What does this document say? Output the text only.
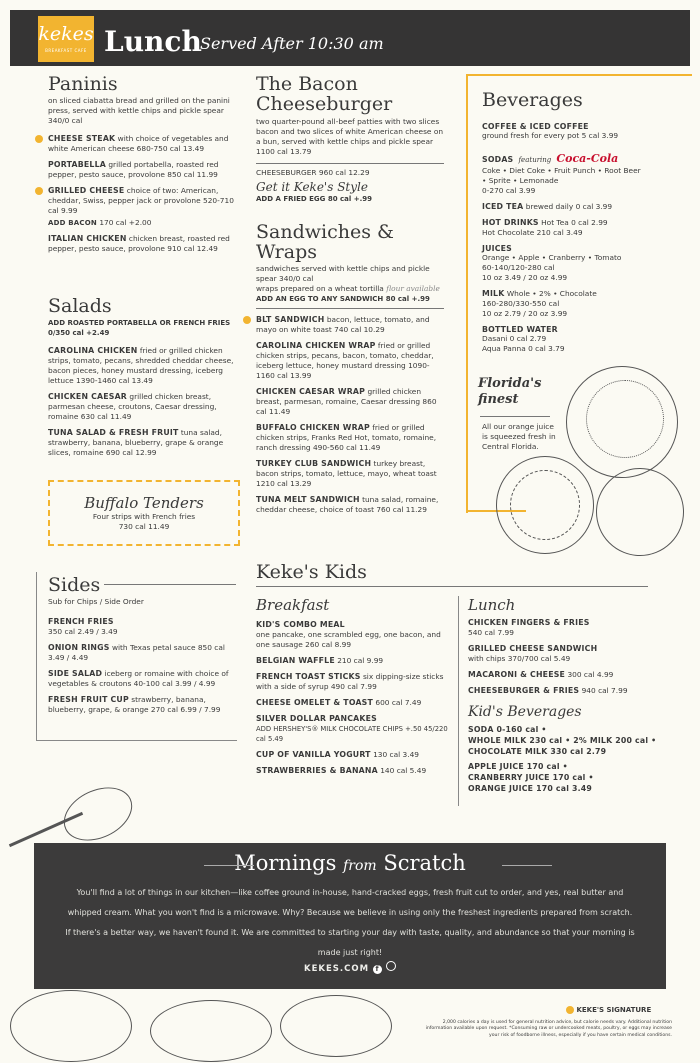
kekes
BREAKFAST CAFE Lunch
Served After 10:30 am
Paninis
on sliced ciabatta bread and grilled on the panini press, served with kettle chips and pickle spear 340/0 cal
CHEESE STEAK with choice of vegetables and white American cheese 680-750 cal 13.49
PORTABELLA grilled portabella, roasted red pepper, pesto sauce, provolone 850 cal 11.99
GRILLED CHEESE choice of two: American, cheddar, Swiss, pepper jack or provolone 520-710 cal 9.99
ADD BACON 170 cal +2.00
ITALIAN CHICKEN chicken breast, roasted red pepper, pesto sauce, provolone 910 cal 12.49
Salads
ADD ROASTED PORTABELLA OR FRENCH FRIES 0/350 cal +2.49
CAROLINA CHICKEN fried or grilled chicken strips, tomato, pecans, shredded cheddar cheese, bacon pieces, honey mustard dressing, iceberg lettuce 1390-1460 cal 13.49
CHICKEN CAESAR grilled chicken breast, parmesan cheese, croutons, Caesar dressing, romaine 630 cal 11.49
TUNA SALAD & FRESH FRUIT tuna salad, strawberry, banana, blueberry, grape & orange slices, romaine 690 cal 12.99
Buffalo Tenders
Four strips with French fries
730 cal 11.49
Sides
Sub for Chips / Side Order
FRENCH FRIES
350 cal 2.49 / 3.49
ONION RINGS with Texas petal sauce 850 cal 3.49 / 4.49
SIDE SALAD iceberg or romaine with choice of vegetables & croutons 40-100 cal 3.99 / 4.99
FRESH FRUIT CUP strawberry, banana, blueberry, grape, & orange 270 cal 6.99 / 7.99
The Bacon Cheeseburger
two quarter-pound all-beef patties with two slices bacon and two slices of white American cheese on a bun, served with kettle chips and pickle spear 1100 cal 13.79
CHEESEBURGER 960 cal 12.29
Get it Keke's Style
ADD A FRIED EGG 80 cal +.99
Sandwiches & Wraps
sandwiches served with kettle chips and pickle spear 340/0 cal
wraps prepared on a wheat tortilla flour available
ADD AN EGG TO ANY SANDWICH 80 cal +.99
BLT SANDWICH bacon, lettuce, tomato, and mayo on white toast 740 cal 10.29
CAROLINA CHICKEN WRAP fried or grilled chicken strips, pecans, bacon, tomato, cheddar, iceberg lettuce, honey mustard dressing 1090-1160 cal 13.99
CHICKEN CAESAR WRAP grilled chicken breast, parmesan, romaine, Caesar dressing 860 cal 11.49
BUFFALO CHICKEN WRAP fried or grilled chicken strips, Franks Red Hot, tomato, romaine, ranch dressing 490-560 cal 11.49
TURKEY CLUB SANDWICH turkey breast, bacon strips, tomato, lettuce, mayo, wheat toast 1210 cal 13.29
TUNA MELT SANDWICH tuna salad, romaine, cheddar cheese, choice of toast 760 cal 11.29
Beverages
COFFEE & ICED COFFEE
ground fresh for every pot 5 cal 3.99
SODAS featuring Coca-Cola
Coke • Diet Coke • Fruit Punch • Root Beer • Sprite • Lemonade
0-270 cal 3.99
ICED TEA brewed daily 0 cal 3.99
HOT DRINKS Hot Tea 0 cal 2.99
Hot Chocolate 210 cal 3.49
JUICES
Orange • Apple • Cranberry • Tomato
60-140/120-280 cal
10 oz 3.49 / 20 oz 4.99
MILK Whole • 2% • Chocolate
160-280/330-550 cal
10 oz 2.79 / 20 oz 3.99
BOTTLED WATER
Dasani 0 cal 2.79
Aqua Panna 0 cal 3.79
Florida's finest
All our orange juice is squeezed fresh in Central Florida.
Keke's Kids
Breakfast
KID'S COMBO MEAL
one pancake, one scrambled egg, one bacon, and one sausage 260 cal 8.99
BELGIAN WAFFLE 210 cal 9.99
FRENCH TOAST STICKS six dipping-size sticks with a side of syrup 490 cal 7.99
CHEESE OMELET & TOAST 600 cal 7.49
SILVER DOLLAR PANCAKES
ADD HERSHEY'S® MILK CHOCOLATE CHIPS +.50 45/220 cal 5.49
CUP OF VANILLA YOGURT 130 cal 3.49
STRAWBERRIES & BANANA 140 cal 5.49
Lunch
CHICKEN FINGERS & FRIES
540 cal 7.99
GRILLED CHEESE SANDWICH
with chips 370/700 cal 5.49
MACARONI & CHEESE 300 cal 4.99
CHEESEBURGER & FRIES 940 cal 7.99
Kid's Beverages
SODA 0-160 cal •
WHOLE MILK 230 cal • 2% MILK 200 cal •
CHOCOLATE MILK 330 cal 2.79
APPLE JUICE 170 cal •
CRANBERRY JUICE 170 cal •
ORANGE JUICE 170 cal 3.49
Mornings from Scratch
You'll find a lot of things in our kitchen—like coffee ground in-house, hand-cracked eggs, fresh fruit cut to order, and yes, real butter and whipped cream. What you won't find is a microwave. Why? Because we believe in using only the freshest ingredients prepared from scratch. If there's a better way, we haven't found it. We are committed to starting your day with taste, quality, and abundance so that your morning is made just right!
KEKES.COM f
KEKE'S SIGNATURE
2,000 calories a day is used for general nutrition advice, but calorie needs vary. Additional nutrition information available upon request. *Consuming raw or undercooked meats, poultry, or eggs may increase your risk of foodborne illness, especially if you have certain medical conditions.
